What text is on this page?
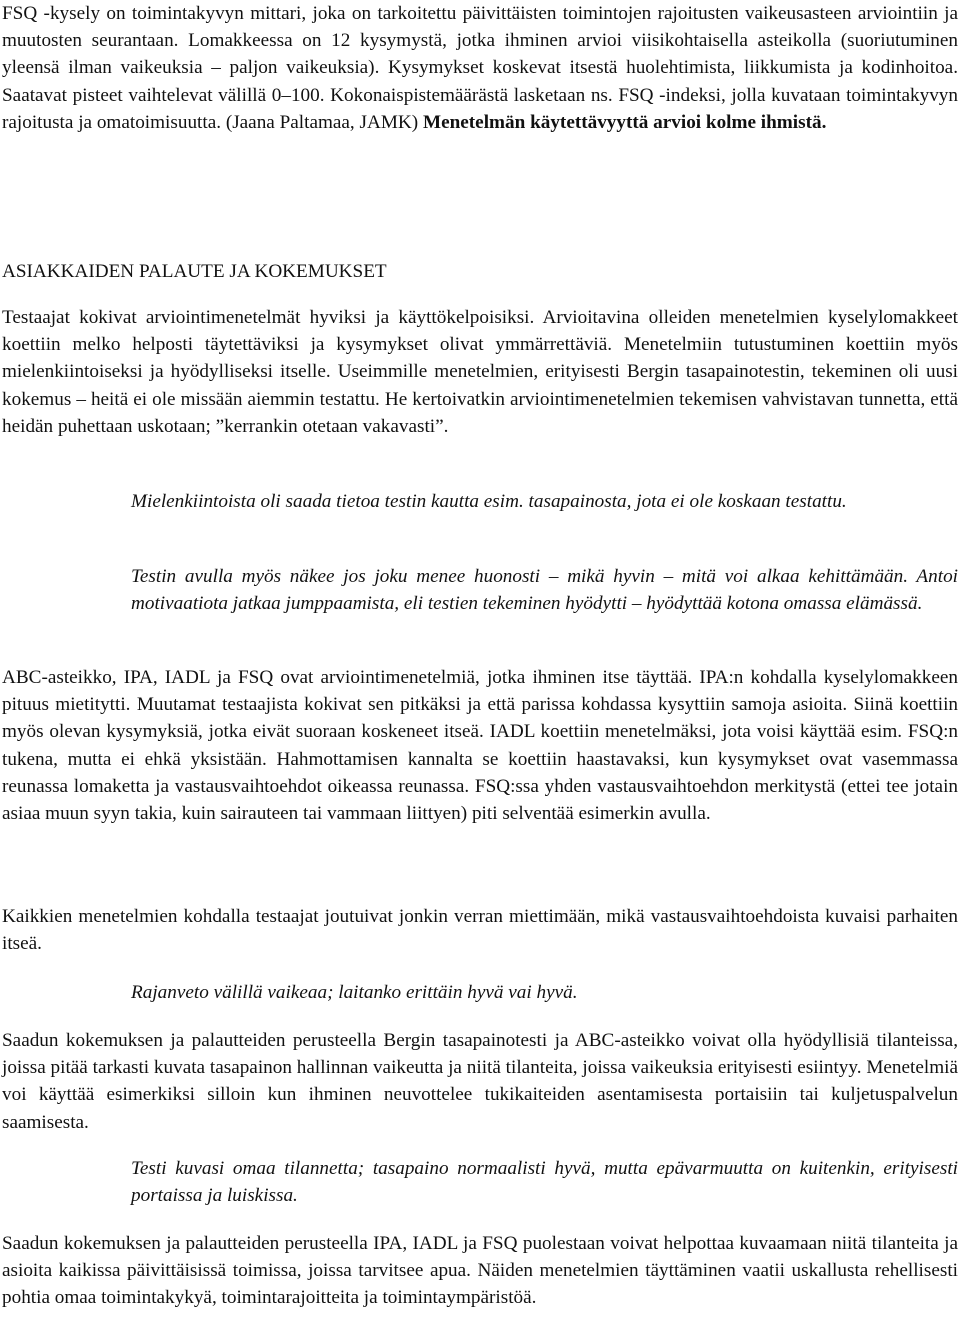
FSQ -kysely on toimintakyvyn mittari, joka on tarkoitettu päivittäisten toimintojen rajoitusten vaikeusasteen arviointiin ja muutosten seurantaan. Lomakkeessa on 12 kysymystä, jotka ihminen arvioi viisikohtaisella asteikolla (suoriutuminen yleensä ilman vaikeuksia – paljon vaikeuksia). Kysymykset koskevat itsestä huolehtimista, liikkumista ja kodinhoitoa. Saatavat pisteet vaihtelevat välillä 0–100. Kokonaispistemäärästä lasketaan ns. FSQ -indeksi, jolla kuvataan toimintakyvyn rajoitusta ja omatoimisuutta. (Jaana Paltamaa, JAMK) Menetelmän käytettävyyttä arvioi kolme ihmistä.

ASIAKKAIDEN PALAUTE JA KOKEMUKSET

Testaajat kokivat arviointimenetelmät hyviksi ja käyttökelpoisiksi. Arvioitavina olleiden menetelmien kyselylomakkeet koettiin melko helposti täytettäviksi ja kysymykset olivat ymmärrettäviä. Menetelmiin tutustuminen koettiin myös mielenkiintoiseksi ja hyödylliseksi itselle. Useimmille menetelmien, erityisesti Bergin tasapainotestin, tekeminen oli uusi kokemus – heitä ei ole missään aiemmin testattu. He kertoivatkin arviointimenetelmien tekemisen vahvistavan tunnetta, että heidän puhettaan uskotaan; ”kerrankin otetaan vakavasti”.

Mielenkiintoista oli saada tietoa testin kautta esim. tasapainosta, jota ei ole koskaan testattu.

Testin avulla myös näkee jos joku menee huonosti – mikä hyvin – mitä voi alkaa kehittämään. Antoi motivaatiota jatkaa jumppaamista, eli testien tekeminen hyödytti – hyödyttää kotona omassa elämässä.

ABC-asteikko, IPA, IADL ja FSQ ovat arviointimenetelmiä, jotka ihminen itse täyttää. IPA:n kohdalla kyselylomakkeen pituus mietitytti. Muutamat testaajista kokivat sen pitkäksi ja että parissa kohdassa kysyttiin samoja asioita. Siinä koettiin myös olevan kysymyksiä, jotka eivät suoraan koskeneet itseä. IADL koettiin menetelmäksi, jota voisi käyttää esim. FSQ:n tukena, mutta ei ehkä yksistään. Hahmottamisen kannalta se koettiin haastavaksi, kun kysymykset ovat vasemmassa reunassa lomaketta ja vastausvaihtoehdot oikeassa reunassa. FSQ:ssa yhden vastausvaihtoehdon merkitystä (ettei tee jotain asiaa muun syyn takia, kuin sairauteen tai vammaan liittyen) piti selventää esimerkin avulla.

Kaikkien menetelmien kohdalla testaajat joutuivat jonkin verran miettimään, mikä vastausvaihtoehdoista kuvaisi parhaiten itseä.

Rajanveto välillä vaikeaa; laitanko erittäin hyvä vai hyvä.

Saadun kokemuksen ja palautteiden perusteella Bergin tasapainotesti ja ABC-asteikko voivat olla hyödyllisiä tilanteissa, joissa pitää tarkasti kuvata tasapainon hallinnan vaikeutta ja niitä tilanteita, joissa vaikeuksia erityisesti esiintyy. Menetelmiä voi käyttää esimerkiksi silloin kun ihminen neuvottelee tukikaiteiden asentamisesta portaisiin tai kuljetuspalvelun saamisesta.

Testi kuvasi omaa tilannetta; tasapaino normaalisti hyvä, mutta epävarmuutta on kuitenkin, erityisesti portaissa ja luiskissa.

Saadun kokemuksen ja palautteiden perusteella IPA, IADL ja FSQ puolestaan voivat helpottaa kuvaamaan niitä tilanteita ja asioita kaikissa päivittäisissä toimissa, joissa tarvitsee apua. Näiden menetelmien täyttäminen vaatii uskallusta rehellisesti pohtia omaa toimintakykyä, toimintarajoitteita ja toimintaympäristöä.
